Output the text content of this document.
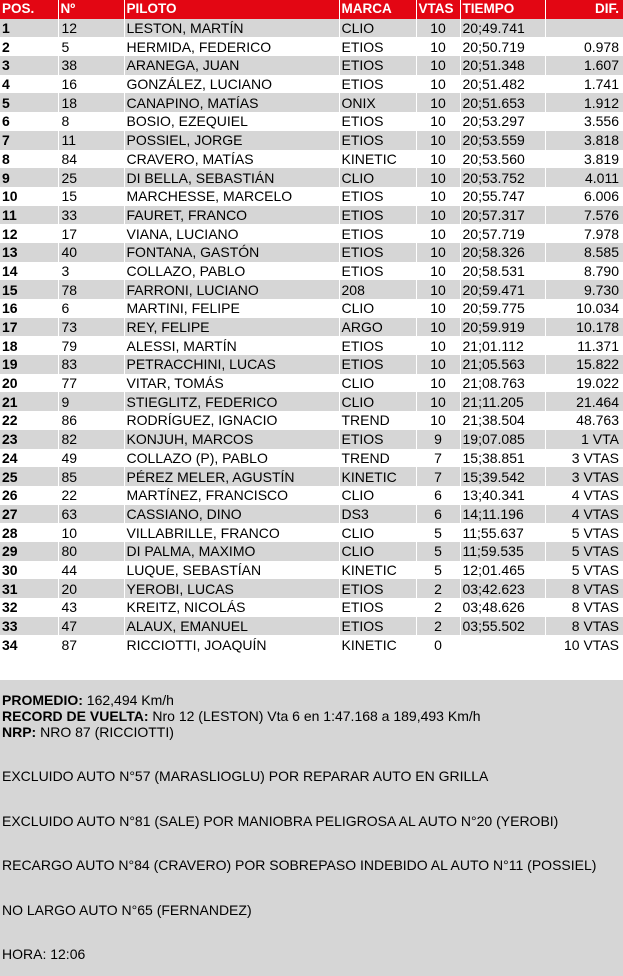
POS.	Nº	PILOTO	MARCA	VTAS	TIEMPO	DIF.
1	12	LESTON, MARTÍN	CLIO	10	20;49.741	
2	5	HERMIDA, FEDERICO	ETIOS	10	20;50.719	0.978
3	38	ARANEGA, JUAN	ETIOS	10	20;51.348	1.607
4	16	GONZÁLEZ, LUCIANO	ETIOS	10	20;51.482	1.741
5	18	CANAPINO, MATÍAS	ONIX	10	20;51.653	1.912
6	8	BOSIO, EZEQUIEL	ETIOS	10	20;53.297	3.556
7	11	POSSIEL, JORGE	ETIOS	10	20;53.559	3.818
8	84	CRAVERO, MATÍAS	KINETIC	10	20;53.560	3.819
9	25	DI BELLA, SEBASTIÁN	CLIO	10	20;53.752	4.011
10	15	MARCHESSE, MARCELO	ETIOS	10	20;55.747	6.006
11	33	FAURET, FRANCO	ETIOS	10	20;57.317	7.576
12	17	VIANA, LUCIANO	ETIOS	10	20;57.719	7.978
13	40	FONTANA, GASTÓN	ETIOS	10	20;58.326	8.585
14	3	COLLAZO, PABLO	ETIOS	10	20;58.531	8.790
15	78	FARRONI, LUCIANO	208	10	20;59.471	9.730
16	6	MARTINI, FELIPE	CLIO	10	20;59.775	10.034
17	73	REY, FELIPE	ARGO	10	20;59.919	10.178
18	79	ALESSI, MARTÍN	ETIOS	10	21;01.112	11.371
19	83	PETRACCHINI, LUCAS	ETIOS	10	21;05.563	15.822
20	77	VITAR, TOMÁS	CLIO	10	21;08.763	19.022
21	9	STIEGLITZ, FEDERICO	CLIO	10	21;11.205	21.464
22	86	RODRÍGUEZ, IGNACIO	TREND	10	21;38.504	48.763
23	82	KONJUH, MARCOS	ETIOS	9	19;07.085	1 VTA
24	49	COLLAZO (P), PABLO	TREND	7	15;38.851	3 VTAS
25	85	PÉREZ MELER, AGUSTÍN	KINETIC	7	15;39.542	3 VTAS
26	22	MARTÍNEZ, FRANCISCO	CLIO	6	13;40.341	4 VTAS
27	63	CASSIANO, DINO	DS3	6	14;11.196	4 VTAS
28	10	VILLABRILLE, FRANCO	CLIO	5	11;55.637	5 VTAS
29	80	DI PALMA, MAXIMO	CLIO	5	11;59.535	5 VTAS
30	44	LUQUE, SEBASTÍAN	KINETIC	5	12;01.465	5 VTAS
31	20	YEROBI, LUCAS	ETIOS	2	03;42.623	8 VTAS
32	43	KREITZ, NICOLÁS	ETIOS	2	03;48.626	8 VTAS
33	47	ALAUX, EMANUEL	ETIOS	2	03;55.502	8 VTAS
34	87	RICCIOTTI, JOAQUÍN	KINETIC	0		10 VTAS
PROMEDIO: 162,494 Km/h
RECORD DE VUELTA: Nro 12 (LESTON) Vta 6 en 1:47.168 a 189,493 Km/h
NRP: NRO 87 (RICCIOTTI)
EXCLUIDO AUTO N°57 (MARASLIOGLU) POR REPARAR AUTO EN GRILLA
EXCLUIDO AUTO N°81 (SALE) POR MANIOBRA PELIGROSA AL AUTO N°20 (YEROBI)
RECARGO AUTO N°84 (CRAVERO) POR SOBREPASO INDEBIDO AL AUTO N°11 (POSSIEL)
NO LARGO AUTO N°65 (FERNANDEZ)
HORA: 12:06
